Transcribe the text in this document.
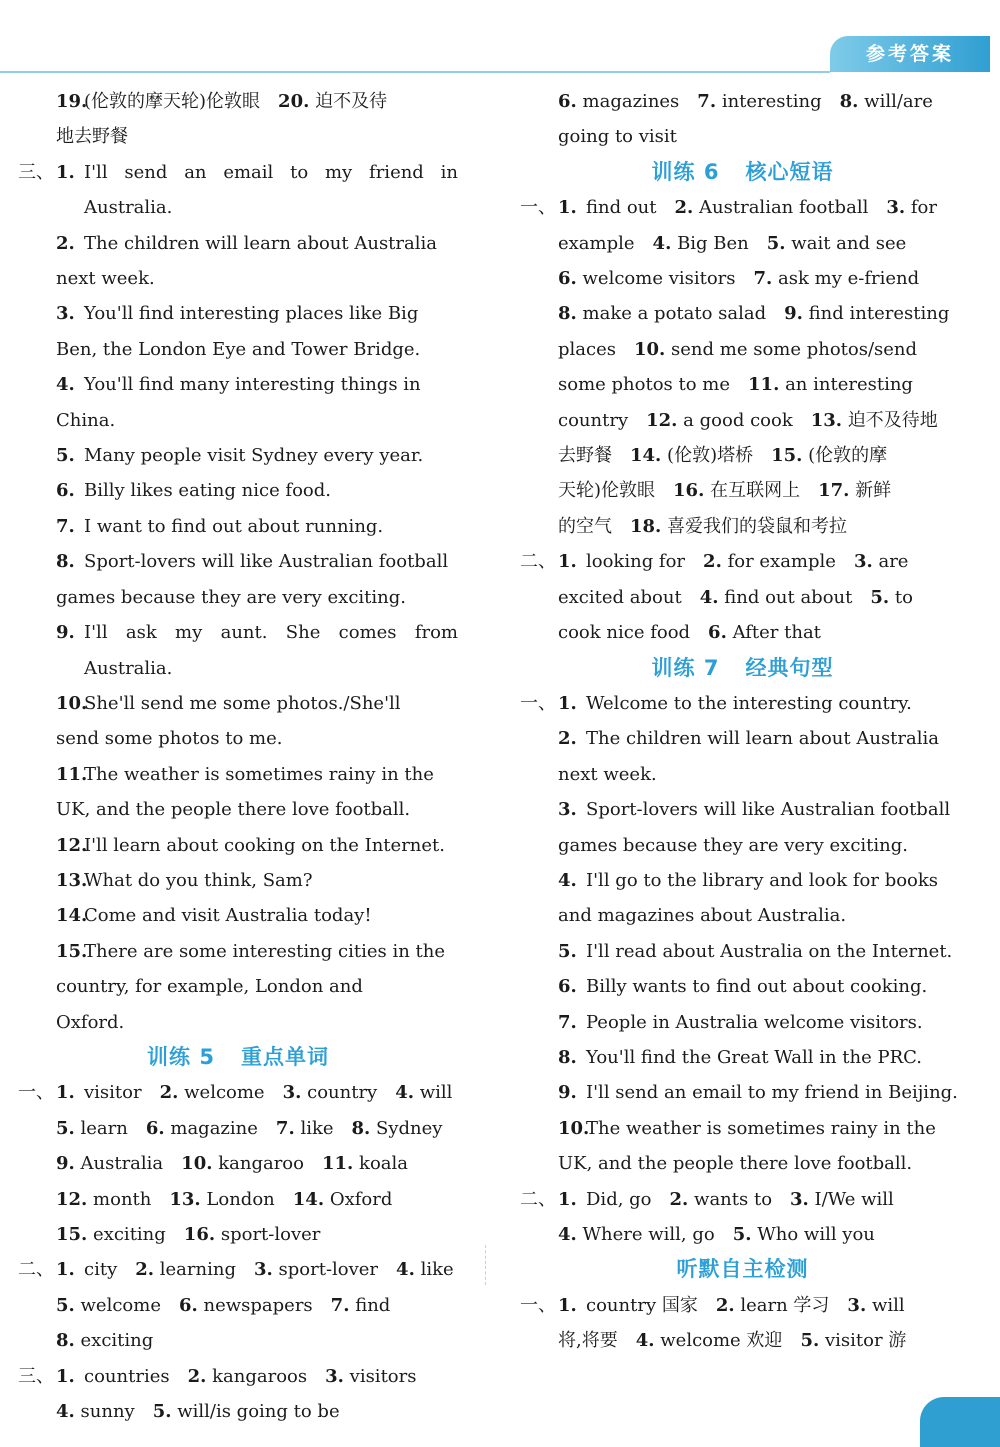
参考答案
19.
(伦敦的摩天轮)伦敦眼　20. 迫不及待
地去野餐
三、 1. I'll send an email to my friend in Australia.
2. The children will learn about Australia
next week.
3. You'll find interesting places like Big
Ben, the London Eye and Tower Bridge.
4. You'll find many interesting things in
China.
5. Many people visit Sydney every year.
6. Billy likes eating nice food.
7. I want to find out about running.
8. Sport-lovers will like Australian football
games because they are very exciting.
9. I'll ask my aunt. She comes from Australia.
10.
She'll send me some photos./She'll
send some photos to me.
11.
The weather is sometimes rainy in the
UK, and the people there love football.
12.
I'll learn about cooking on the Internet.
13.
What do you think, Sam?
14.
Come and visit Australia today!
15.
There are some interesting cities in the
country, for example, London and
Oxford.
训练 5 重点单词
一、 1. visitor　2. welcome　3. country　4. will
5. learn　6. magazine　7. like　8. Sydney
9. Australia　10. kangaroo　11. koala
12. month　13. London　14. Oxford
15. exciting　16. sport-lover
二、 1. city　2. learning　3. sport-lover　4. like
5. welcome　6. newspapers　7. find
8. exciting
三、 1. countries　2. kangaroos　3. visitors
4. sunny　5. will/is going to be
6. magazines　7. interesting　8. will/are
going to visit
训练 6 核心短语
一、 1. find out　2. Australian football　3. for
example　4. Big Ben　5. wait and see
6. welcome visitors　7. ask my e-friend
8. make a potato salad　9. find interesting
places　10. send me some photos/send
some photos to me　11. an interesting
country　12. a good cook　13. 迫不及待地
去野餐　14. (伦敦)塔桥　15. (伦敦的摩
天轮)伦敦眼　16. 在互联网上　17. 新鲜
的空气　18. 喜爱我们的袋鼠和考拉
二、 1. looking for　2. for example　3. are
excited about　4. find out about　5. to
cook nice food　6. After that
训练 7 经典句型
一、 1. Welcome to the interesting country.
2. The children will learn about Australia
next week.
3. Sport-lovers will like Australian football
games because they are very exciting.
4. I'll go to the library and look for books
and magazines about Australia.
5. I'll read about Australia on the Internet.
6. Billy wants to find out about cooking.
7. People in Australia welcome visitors.
8. You'll find the Great Wall in the PRC.
9. I'll send an email to my friend in Beijing.
10.
The weather is sometimes rainy in the
UK, and the people there love football.
二、 1. Did, go　2. wants to　3. I/We will
4. Where will, go　5. Who will you
听默自主检测
一、 1. country 国家　2. learn 学习　3. will
将,将要　4. welcome 欢迎　5. visitor 游
